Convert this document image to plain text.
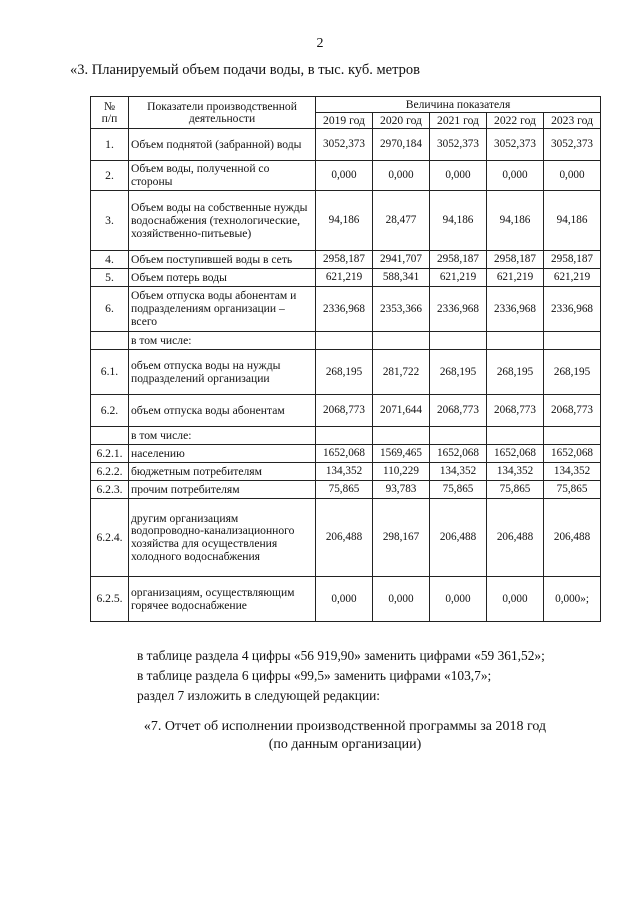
2
«3. Планируемый объем подачи воды, в тыс. куб. метров
№
п/п	Показатели производственной деятельности	Величина показателя				
		2019 год	2020 год	2021 год	2022 год	2023 год
1.	Объем поднятой (забранной) воды	3052,373	2970,184	3052,373	3052,373	3052,373
2.	Объем воды, полученной со стороны	0,000	0,000	0,000	0,000	0,000
3.	Объем воды на собственные нужды водоснабжения (технологические, хозяйственно-питьевые)	94,186	28,477	94,186	94,186	94,186
4.	Объем поступившей воды в сеть	2958,187	2941,707	2958,187	2958,187	2958,187
5.	Объем потерь воды	621,219	588,341	621,219	621,219	621,219
6.	Объем отпуска воды абонентам и подразделениям организации – всего	2336,968	2353,366	2336,968	2336,968	2336,968
	в том числе:					
6.1.	объем отпуска воды на нужды подразделений организации	268,195	281,722	268,195	268,195	268,195
6.2.	объем отпуска воды абонентам	2068,773	2071,644	2068,773	2068,773	2068,773
	в том числе:					
6.2.1.	населению	1652,068	1569,465	1652,068	1652,068	1652,068
6.2.2.	бюджетным потребителям	134,352	110,229	134,352	134,352	134,352
6.2.3.	прочим потребителям	75,865	93,783	75,865	75,865	75,865
6.2.4.	другим организациям водопроводно-канализационного хозяйства для осуществления холодного водоснабжения	206,488	298,167	206,488	206,488	206,488
6.2.5.	организациям, осуществляющим горячее водоснабжение	0,000	0,000	0,000	0,000	0,000»;
в таблице раздела 4 цифры «56 919,90» заменить цифрами «59 361,52»;
в таблице раздела 6 цифры «99,5» заменить цифрами «103,7»;
раздел 7 изложить в следующей редакции:
«7. Отчет об исполнении производственной программы за 2018 год
(по данным организации)
